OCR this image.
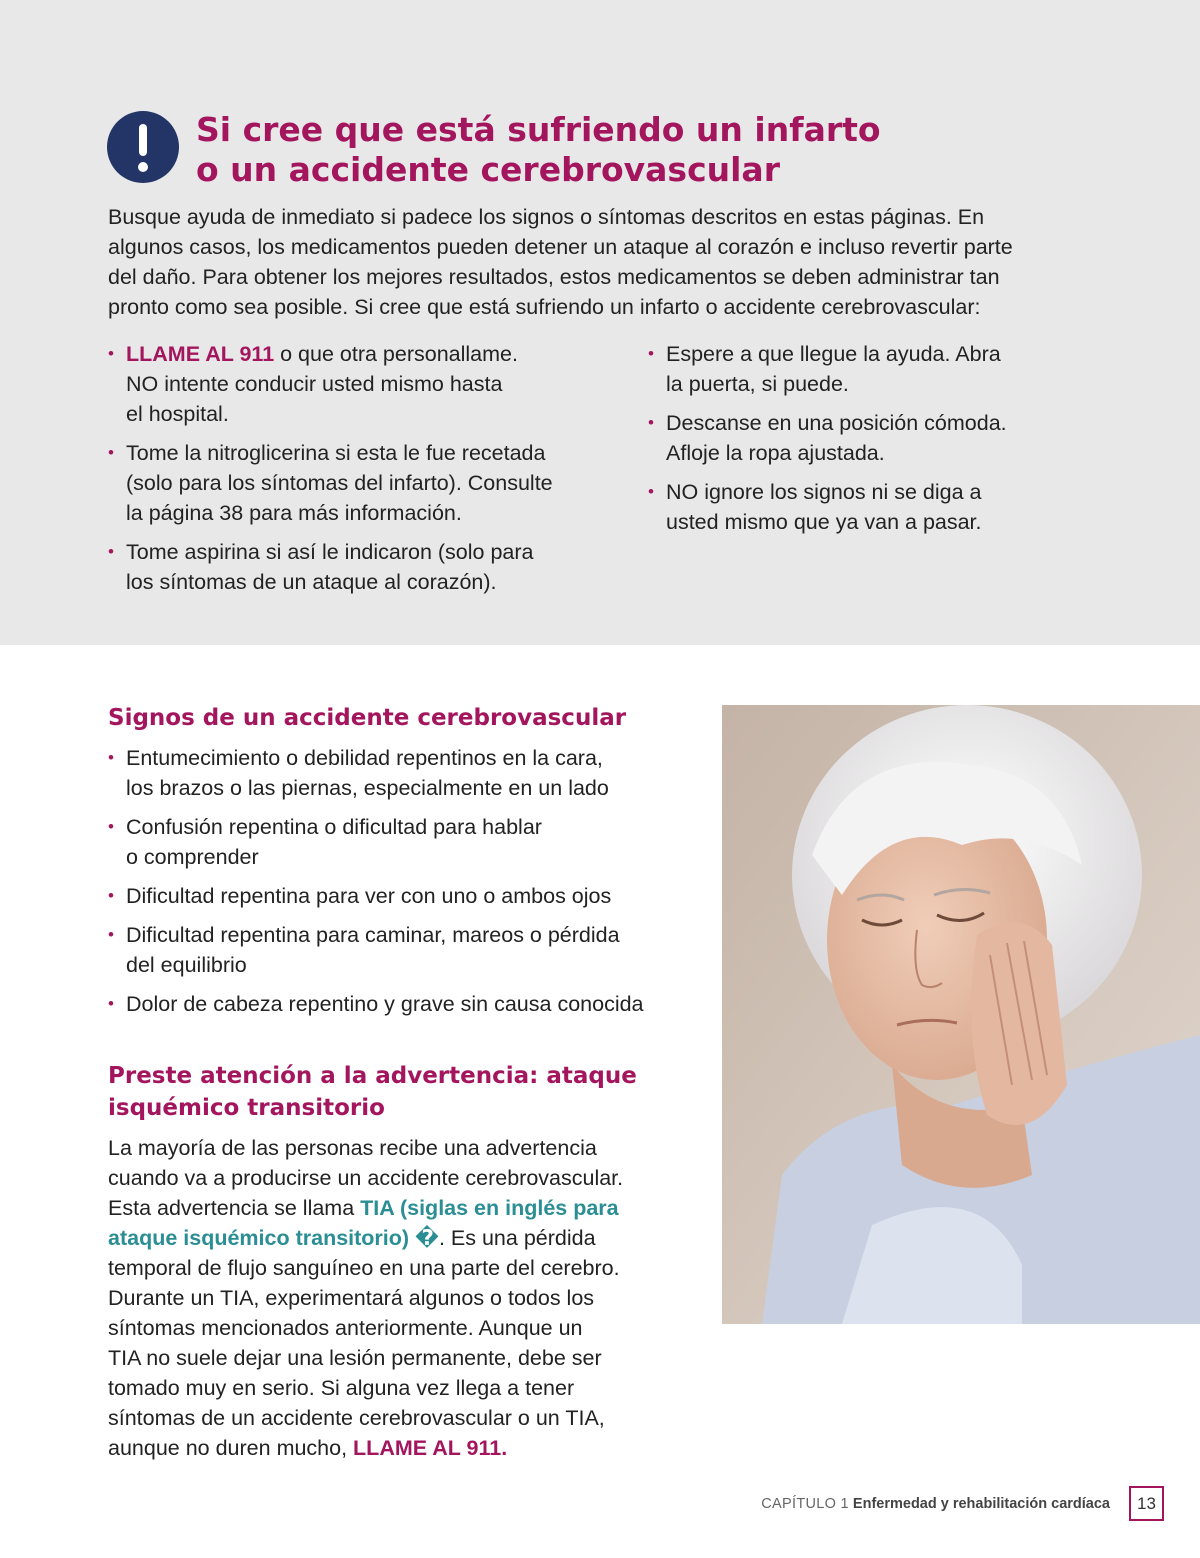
Si cree que está sufriendo un infarto
o un accidente cerebrovascular

Busque ayuda de inmediato si padece los signos o síntomas descritos en estas páginas. En
algunos casos, los medicamentos pueden detener un ataque al corazón e incluso revertir parte
del daño. Para obtener los mejores resultados, estos medicamentos se deben administrar tan
pronto como sea posible. Si cree que está sufriendo un infarto o accidente cerebrovascular:

• LLAME AL 911 o que otra personallame.
NO intente conducir usted mismo hasta
el hospital.
• Tome la nitroglicerina si esta le fue recetada
(solo para los síntomas del infarto). Consulte
la página 38 para más información.
• Tome aspirina si así le indicaron (solo para
los síntomas de un ataque al corazón).
• Espere a que llegue la ayuda. Abra
la puerta, si puede.
• Descanse en una posición cómoda.
Afloje la ropa ajustada.
• NO ignore los signos ni se diga a
usted mismo que ya van a pasar.
Signos de un accidente cerebrovascular
• Entumecimiento o debilidad repentinos en la cara,
los brazos o las piernas, especialmente en un lado
• Confusión repentina o dificultad para hablar
o comprender
• Dificultad repentina para ver con uno o ambos ojos
• Dificultad repentina para caminar, mareos o pérdida
del equilibrio
• Dolor de cabeza repentino y grave sin causa conocida
Preste atención a la advertencia: ataque
isquémico transitorio
La mayoría de las personas recibe una advertencia
cuando va a producirse un accidente cerebrovascular.
Esta advertencia se llama TIA (siglas en inglés para
ataque isquémico transitorio) �. Es una pérdida
temporal de flujo sanguíneo en una parte del cerebro.
Durante un TIA, experimentará algunos o todos los
síntomas mencionados anteriormente. Aunque un
TIA no suele dejar una lesión permanente, debe ser
tomado muy en serio. Si alguna vez llega a tener
síntomas de un accidente cerebrovascular o un TIA,
aunque no duren mucho, LLAME AL 911.
CAPÍTULO 1 Enfermedad y rehabilitación cardíaca	13
